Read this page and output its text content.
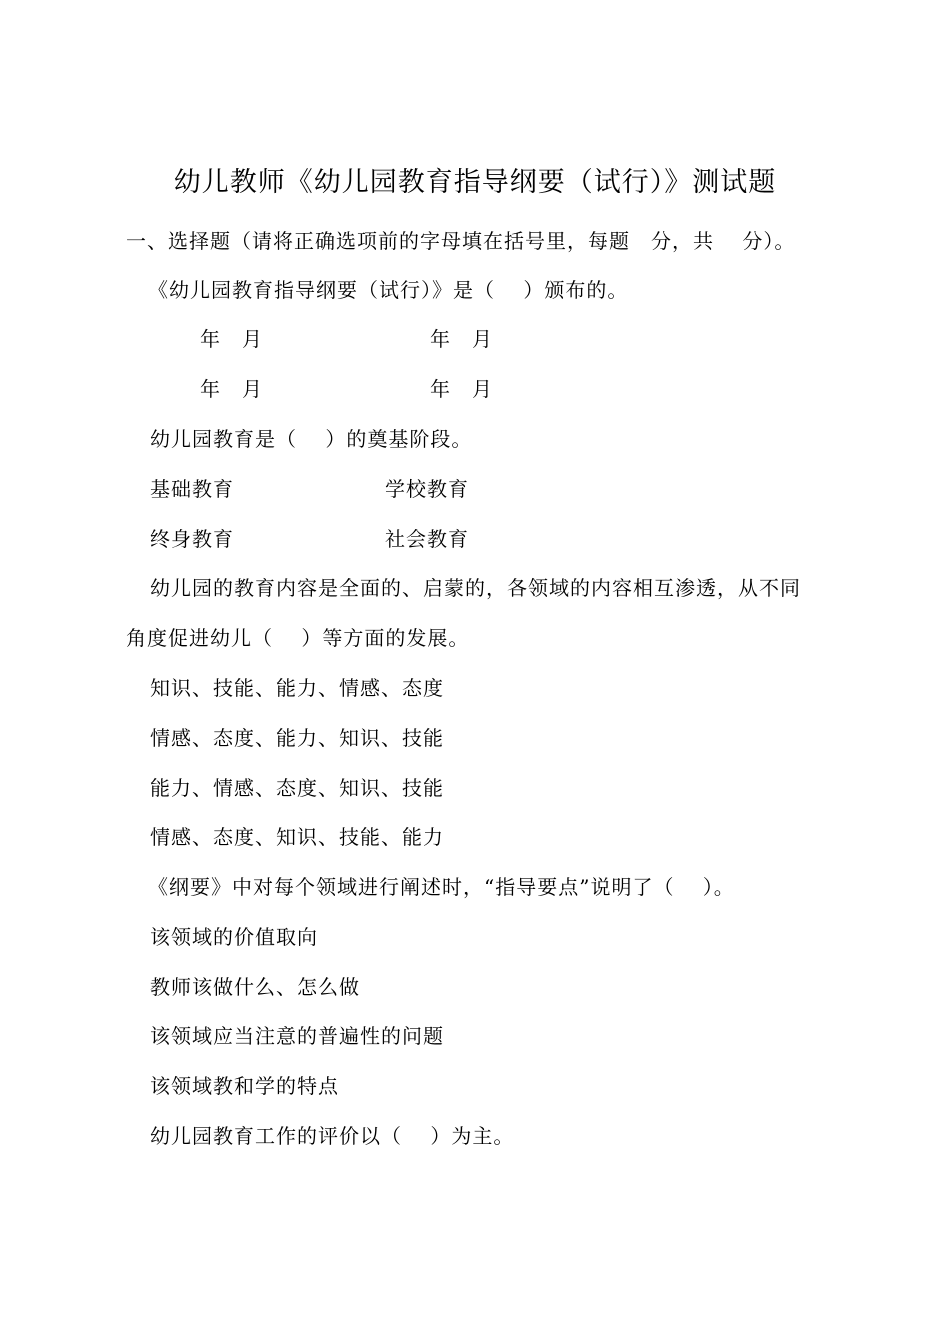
幼儿教师《幼儿园教育指导纲要（试行）》测试题
一、选择题（请将正确选项前的字母填在括号里，每题　分，共　 分）。
《幼儿园教育指导纲要（试行）》是（　 ）颁布的。
年　月	年　月
年　月	年　月
幼儿园教育是（　 ）的奠基阶段。
基础教育	学校教育
终身教育	社会教育
幼儿园的教育内容是全面的、启蒙的，各领域的内容相互渗透，从不同
角度促进幼儿（　 ）等方面的发展。
知识、技能、能力、情感、态度
情感、态度、能力、知识、技能
能力、情感、态度、知识、技能
情感、态度、知识、技能、能力
《纲要》中对每个领域进行阐述时，“指导要点”说明了（　 ）。
该领域的价值取向
教师该做什么、怎么做
该领域应当注意的普遍性的问题
该领域教和学的特点
幼儿园教育工作的评价以（　 ）为主。
